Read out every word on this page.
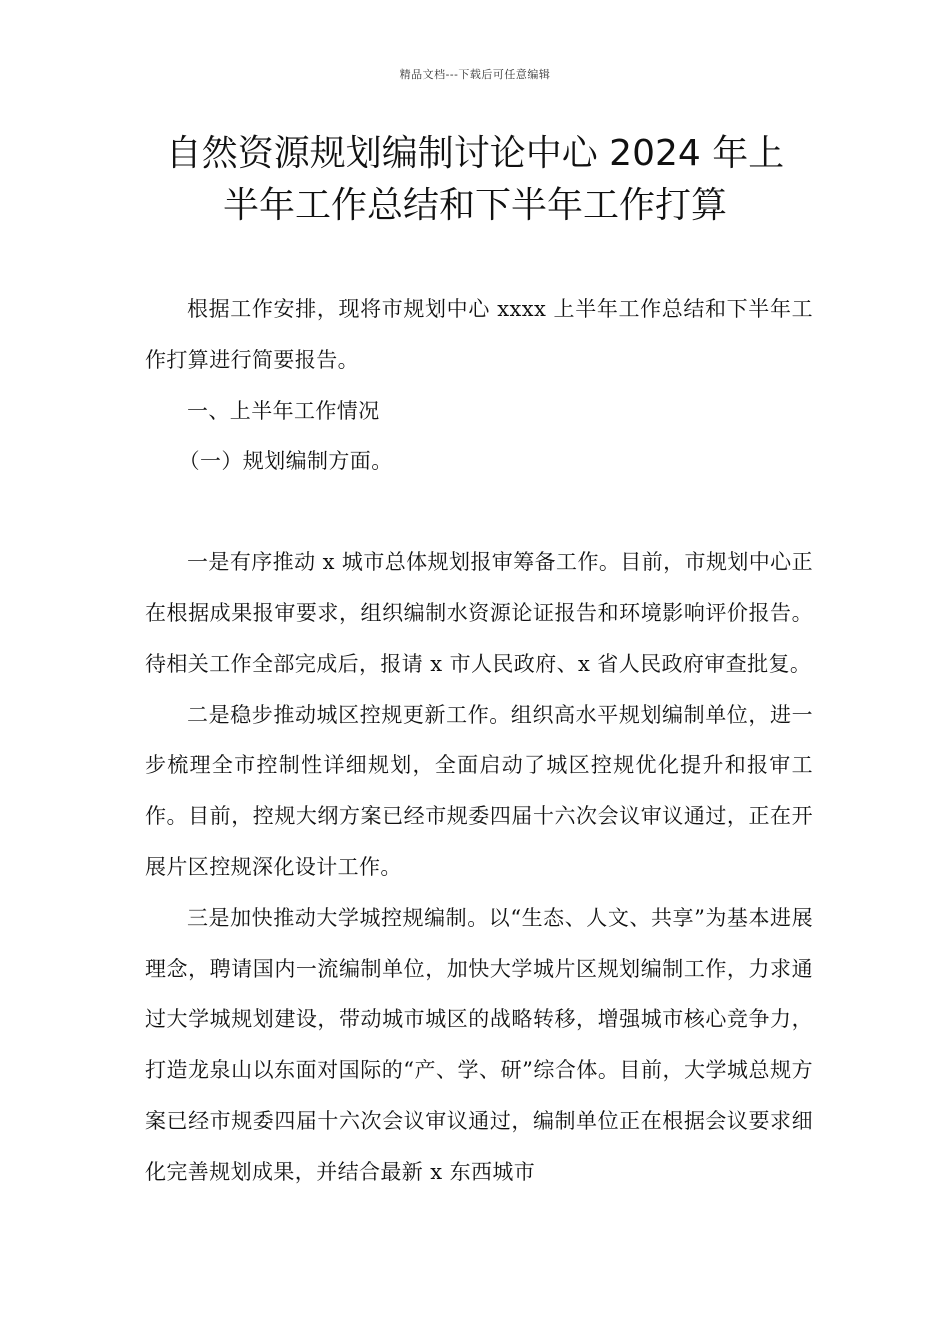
精品文档---下载后可任意编辑
自然资源规划编制讨论中心 2024 年上
半年工作总结和下半年工作打算

根据工作安排，现将市规划中心 xxxx 上半年工作总结和下半年工作打算进行简要报告。

一、上半年工作情况

（一）规划编制方面。

一是有序推动 x 城市总体规划报审筹备工作。目前，市规划中心正在根据成果报审要求，组织编制水资源论证报告和环境影响评价报告。待相关工作全部完成后，报请 x 市人民政府、x 省人民政府审查批复。

二是稳步推动城区控规更新工作。组织高水平规划编制单位，进一步梳理全市控制性详细规划，全面启动了城区控规优化提升和报审工作。目前，控规大纲方案已经市规委四届十六次会议审议通过，正在开展片区控规深化设计工作。

三是加快推动大学城控规编制。以“生态、人文、共享”为基本进展理念，聘请国内一流编制单位，加快大学城片区规划编制工作，力求通过大学城规划建设，带动城市城区的战略转移，增强城市核心竞争力，打造龙泉山以东面对国际的“产、学、研”综合体。目前，大学城总规方案已经市规委四届十六次会议审议通过，编制单位正在根据会议要求细化完善规划成果，并结合最新 x 东西城市
